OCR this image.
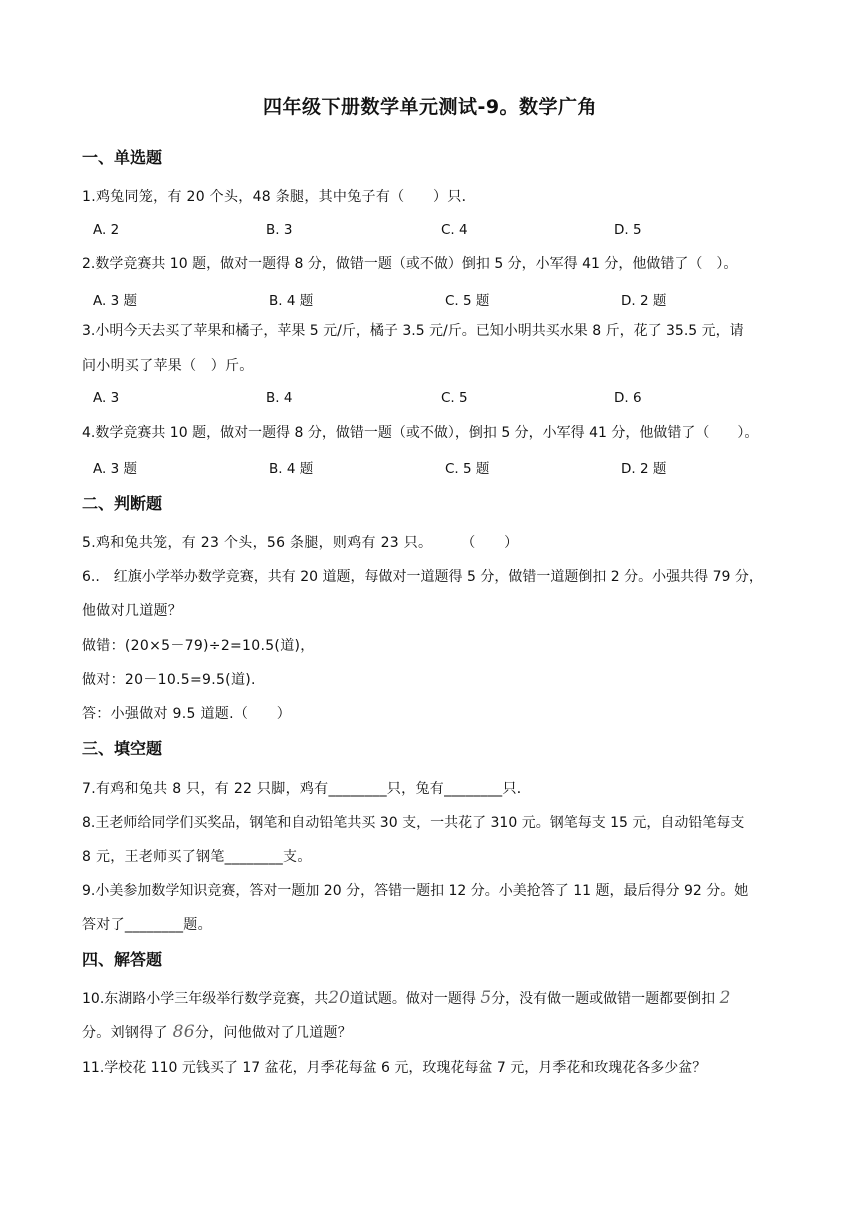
四年级下册数学单元测试-9。数学广角
一、单选题
1.鸡兔同笼，有 20 个头，48 条腿，其中兔子有（　　）只．
A. 2	B. 3	C. 4	D. 5
2.数学竞赛共 10 题，做对一题得 8 分，做错一题（或不做）倒扣 5 分，小军得 41 分，他做错了（　）。
A. 3 题	B. 4 题	C. 5 题	D. 2 题
3.小明今天去买了苹果和橘子，苹果 5 元/斤，橘子 3.5 元/斤。已知小明共买水果 8 斤，花了 35.5 元，请
问小明买了苹果（　）斤。
A. 3	B. 4	C. 5	D. 6
4.数学竞赛共 10 题，做对一题得 8 分，做错一题（或不做），倒扣 5 分，小军得 41 分，他做错了（　　）。
A. 3 题	B. 4 题	C. 5 题	D. 2 题
二、判断题
5.鸡和兔共笼，有 23 个头，56 条腿，则鸡有 23 只。　　　（　　）
6..　红旗小学举办数学竞赛，共有 20 道题，每做对一道题得 5 分，做错一道题倒扣 2 分。小强共得 79 分，
他做对几道题？
做错：(20×5－79)÷2=10.5(道)，
做对：20－10.5=9.5(道).
答：小强做对 9.5 道题.（　　）
三、填空题
7.有鸡和兔共 8 只，有 22 只脚，鸡有________只，兔有________只．
8.王老师给同学们买奖品，钢笔和自动铅笔共买 30 支，一共花了 310 元。钢笔每支 15 元，自动铅笔每支
8 元，王老师买了钢笔________支。
9.小美参加数学知识竞赛，答对一题加 20 分，答错一题扣 12 分。小美抢答了 11 题，最后得分 92 分。她
答对了________题。
四、解答题
10.东湖路小学三年级举行数学竞赛，共20道试题。做对一题得 5分，没有做一题或做错一题都要倒扣 2
分。刘钢得了 86分，问他做对了几道题？
11.学校花 110 元钱买了 17 盆花，月季花每盆 6 元，玫瑰花每盆 7 元，月季花和玫瑰花各多少盆？
